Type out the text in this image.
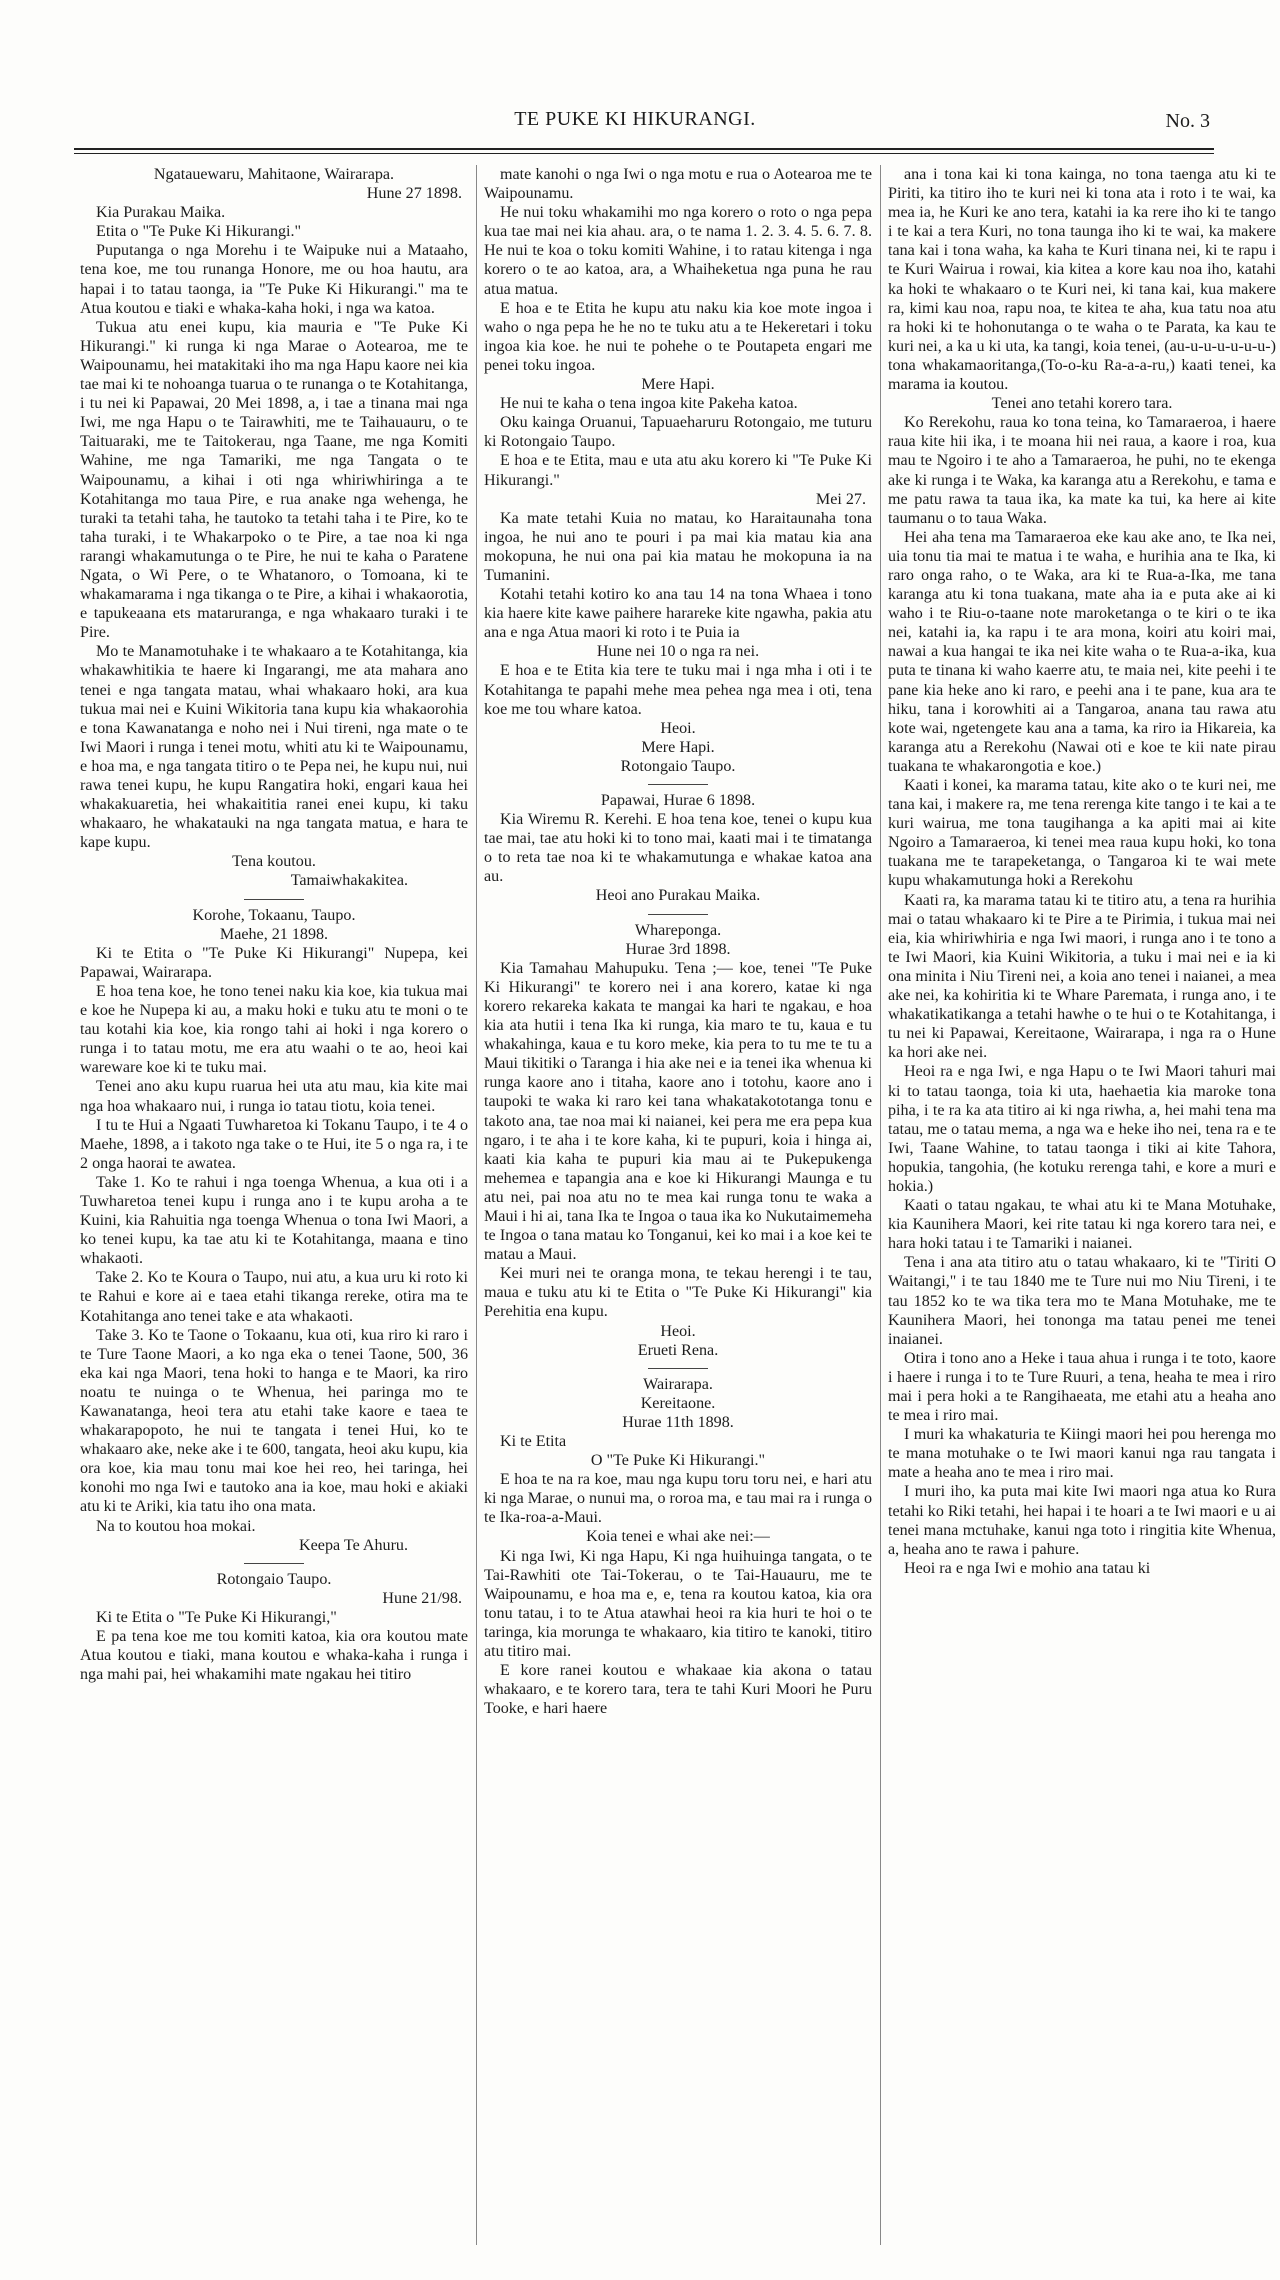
TE PUKE KI HIKURANGI.	No. 3

Ngatauewaru, Mahitaone, Wairarapa.

Hune 27 1898.

Kia Purakau Maika.

Etita o "Te Puke Ki Hikurangi."

Puputanga o nga Morehu i te Waipuke nui a Mataaho, tena koe, me tou runanga Honore, me ou hoa hautu, ara hapai i to tatau taonga, ia "Te Puke Ki Hikurangi." ma te Atua koutou e tiaki e whaka-kaha hoki, i nga wa katoa.

Tukua atu enei kupu, kia mauria e "Te Puke Ki Hikurangi." ki runga ki nga Marae o Aotearoa, me te Waipounamu, hei matakitaki iho ma nga Hapu kaore nei kia tae mai ki te nohoanga tuarua o te runanga o te Kotahitanga, i tu nei ki Papawai, 20 Mei 1898, a, i tae a tinana mai nga Iwi, me nga Hapu o te Tairawhiti, me te Taihauauru, o te Taituaraki, me te Taitokerau, nga Taane, me nga Komiti Wahine, me nga Tamariki, me nga Tangata o te Waipounamu, a kihai i oti nga whiriwhiringa a te Kotahitanga mo taua Pire, e rua anake nga wehenga, he turaki ta tetahi taha, he tautoko ta tetahi taha i te Pire, ko te taha turaki, i te Whakarpoko o te Pire, a tae noa ki nga rarangi whakamutunga o te Pire, he nui te kaha o Paratene Ngata, o Wi Pere, o te Whatanoro, o Tomoana, ki te whakamarama i nga tikanga o te Pire, a kihai i whakaorotia, e tapukeaana ets mataruranga, e nga whakaaro turaki i te Pire.

Mo te Manamotuhake i te whakaaro a te Kotahitanga, kia whakawhitikia te haere ki Ingarangi, me ata mahara ano tenei e nga tangata matau, whai whakaaro hoki, ara kua tukua mai nei e Kuini Wikitoria tana kupu kia whakaorohia e tona Kawanatanga e noho nei i Nui tireni, nga mate o te Iwi Maori i runga i tenei motu, whiti atu ki te Waipounamu, e hoa ma, e nga tangata titiro o te Pepa nei, he kupu nui, nui rawa tenei kupu, he kupu Rangatira hoki, engari kaua hei whakakuaretia, hei whakaititia ranei enei kupu, ki taku whakaaro, he whakatauki na nga tangata matua, e hara te kape kupu.

Tena koutou.

Tamaiwhakakitea.

Korohe, Tokaanu, Taupo.

Maehe, 21 1898.

Ki te Etita o "Te Puke Ki Hikurangi" Nupepa, kei Papawai, Wairarapa.

E hoa tena koe, he tono tenei naku kia koe, kia tukua mai e koe he Nupepa ki au, a maku hoki e tuku atu te moni o te tau kotahi kia koe, kia rongo tahi ai hoki i nga korero o runga i to tatau motu, me era atu waahi o te ao, heoi kai wareware koe ki te tuku mai.

Tenei ano aku kupu ruarua hei uta atu mau, kia kite mai nga hoa whakaaro nui, i runga io tatau tiotu, koia tenei.

I tu te Hui a Ngaati Tuwharetoa ki Tokanu Taupo, i te 4 o Maehe, 1898, a i takoto nga take o te Hui, ite 5 o nga ra, i te 2 onga haorai te awatea.

Take 1. Ko te rahui i nga toenga Whenua, a kua oti i a Tuwharetoa tenei kupu i runga ano i te kupu aroha a te Kuini, kia Rahuitia nga toenga Whenua o tona Iwi Maori, a ko tenei kupu, ka tae atu ki te Kotahitanga, maana e tino whakaoti.

Take 2. Ko te Koura o Taupo, nui atu, a kua uru ki roto ki te Rahui e kore ai e taea etahi tikanga rereke, otira ma te Kotahitanga ano tenei take e ata whakaoti.

Take 3. Ko te Taone o Tokaanu, kua oti, kua riro ki raro i te Ture Taone Maori, a ko nga eka o tenei Taone, 500, 36 eka kai nga Maori, tena hoki to hanga e te Maori, ka riro noatu te nuinga o te Whenua, hei paringa mo te Kawanatanga, heoi tera atu etahi take kaore e taea te whakarapopoto, he nui te tangata i tenei Hui, ko te whakaaro ake, neke ake i te 600, tangata, heoi aku kupu, kia ora koe, kia mau tonu mai koe hei reo, hei taringa, hei konohi mo nga Iwi e tautoko ana ia koe, mau hoki e akiaki atu ki te Ariki, kia tatu iho ona mata.

Na to koutou hoa mokai.

Keepa Te Ahuru.

Rotongaio Taupo.

Hune 21/98.

Ki te Etita o "Te Puke Ki Hikurangi,"

E pa tena koe me tou komiti katoa, kia ora koutou mate Atua koutou e tiaki, mana koutou e whaka-kaha i runga i nga mahi pai, hei whakamihi mate ngakau hei titiro

mate kanohi o nga Iwi o nga motu e rua o Aotearoa me te Waipounamu.

He nui toku whakamihi mo nga korero o roto o nga pepa kua tae mai nei kia ahau. ara, o te nama 1. 2. 3. 4. 5. 6. 7. 8. He nui te koa o toku komiti Wahine, i to ratau kitenga i nga korero o te ao katoa, ara, a Whaiheketua nga puna he rau atua matua.

E hoa e te Etita he kupu atu naku kia koe mote ingoa i waho o nga pepa he he no te tuku atu a te Hekeretari i toku ingoa kia koe. he nui te pohehe o te Poutapeta engari me penei toku ingoa.

Mere Hapi.

He nui te kaha o tena ingoa kite Pakeha katoa.

Oku kainga Oruanui, Tapuaeharuru Rotongaio, me tuturu ki Rotongaio Taupo.

E hoa e te Etita, mau e uta atu aku korero ki "Te Puke Ki Hikurangi."

Mei 27.

Ka mate tetahi Kuia no matau, ko Haraitaunaha tona ingoa, he nui ano te pouri i pa mai kia matau kia ana mokopuna, he nui ona pai kia matau he mokopuna ia na Tumanini.

Kotahi tetahi kotiro ko ana tau 14 na tona Whaea i tono kia haere kite kawe paihere harareke kite ngawha, pakia atu ana e nga Atua maori ki roto i te Puia ia

Hune nei 10 o nga ra nei.

E hoa e te Etita kia tere te tuku mai i nga mha i oti i te Kotahitanga te papahi mehe mea pehea nga mea i oti, tena koe me tou whare katoa.

Heoi.

Mere Hapi.

Rotongaio Taupo.

Papawai, Hurae 6 1898.

Kia Wiremu R. Kerehi. E hoa tena koe, tenei o kupu kua tae mai, tae atu hoki ki to tono mai, kaati mai i te timatanga o to reta tae noa ki te whakamutunga e whakae katoa ana au.

Heoi ano Purakau Maika.

Whareponga.

Hurae 3rd 1898.

Kia Tamahau Mahupuku. Tena ;— koe, tenei "Te Puke Ki Hikurangi" te korero nei i ana korero, katae ki nga korero rekareka kakata te mangai ka hari te ngakau, e hoa kia ata hutii i tena Ika ki runga, kia maro te tu, kaua e tu whakahinga, kaua e tu koro meke, kia pera to tu me te tu a Maui tikitiki o Taranga i hia ake nei e ia tenei ika whenua ki runga kaore ano i titaha, kaore ano i totohu, kaore ano i taupoki te waka ki raro kei tana whakatakototanga tonu e takoto ana, tae noa mai ki naianei, kei pera me era pepa kua ngaro, i te aha i te kore kaha, ki te pupuri, koia i hinga ai, kaati kia kaha te pupuri kia mau ai te Pukepukenga mehemea e tapangia ana e koe ki Hikurangi Maunga e tu atu nei, pai noa atu no te mea kai runga tonu te waka a Maui i hi ai, tana Ika te Ingoa o taua ika ko Nukutaimemeha te Ingoa o tana matau ko Tonganui, kei ko mai i a koe kei te matau a Maui.

Kei muri nei te oranga mona, te tekau herengi i te tau, maua e tuku atu ki te Etita o "Te Puke Ki Hikurangi" kia Perehitia ena kupu.

Heoi.

Erueti Rena.

Wairarapa.

Kereitaone.

Hurae 11th 1898.

Ki te Etita

O "Te Puke Ki Hikurangi."

E hoa te na ra koe, mau nga kupu toru toru nei, e hari atu ki nga Marae, o nunui ma, o roroa ma, e tau mai ra i runga o te Ika-roa-a-Maui.

Koia tenei e whai ake nei:—

Ki nga Iwi, Ki nga Hapu, Ki nga huihuinga tangata, o te Tai-Rawhiti ote Tai-Tokerau, o te Tai-Hauauru, me te Waipounamu, e hoa ma e, e, tena ra koutou katoa, kia ora tonu tatau, i to te Atua atawhai heoi ra kia huri te hoi o te taringa, kia morunga te whakaaro, kia titiro te kanoki, titiro atu titiro mai.

E kore ranei koutou e whakaae kia akona o tatau whakaaro, e te korero tara, tera te tahi Kuri Moori he Puru Tooke, e hari haere

ana i tona kai ki tona kainga, no tona taenga atu ki te Piriti, ka titiro iho te kuri nei ki tona ata i roto i te wai, ka mea ia, he Kuri ke ano tera, katahi ia ka rere iho ki te tango i te kai a tera Kuri, no tona taunga iho ki te wai, ka makere tana kai i tona waha, ka kaha te Kuri tinana nei, ki te rapu i te Kuri Wairua i rowai, kia kitea a kore kau noa iho, katahi ka hoki te whakaaro o te Kuri nei, ki tana kai, kua makere ra, kimi kau noa, rapu noa, te kitea te aha, kua tatu noa atu ra hoki ki te hohonutanga o te waha o te Parata, ka kau te kuri nei, a ka u ki uta, ka tangi, koia tenei, (au-u-u-u-u-u-u-) tona whakamaoritanga,(To-o-ku Ra-a-a-ru,) kaati tenei, ka marama ia koutou.

Tenei ano tetahi korero tara.

Ko Rerekohu, raua ko tona teina, ko Tamaraeroa, i haere raua kite hii ika, i te moana hii nei raua, a kaore i roa, kua mau te Ngoiro i te aho a Tamaraeroa, he puhi, no te ekenga ake ki runga i te Waka, ka karanga atu a Rerekohu, e tama e me patu rawa ta taua ika, ka mate ka tui, ka here ai kite taumanu o to taua Waka.

Hei aha tena ma Tamaraeroa eke kau ake ano, te Ika nei, uia tonu tia mai te matua i te waha, e hurihia ana te Ika, ki raro onga raho, o te Waka, ara ki te Rua-a-Ika, me tana karanga atu ki tona tuakana, mate aha ia e puta ake ai ki waho i te Riu-o-taane note maroketanga o te kiri o te ika nei, katahi ia, ka rapu i te ara mona, koiri atu koiri mai, nawai a kua hangai te ika nei kite waha o te Rua-a-ika, kua puta te tinana ki waho kaerre atu, te maia nei, kite peehi i te pane kia heke ano ki raro, e peehi ana i te pane, kua ara te hiku, tana i korowhiti ai a Tangaroa, anana tau rawa atu kote wai, ngetengete kau ana a tama, ka riro ia Hikareia, ka karanga atu a Rerekohu (Nawai oti e koe te kii nate pirau tuakana te whakarongotia e koe.)

Kaati i konei, ka marama tatau, kite ako o te kuri nei, me tana kai, i makere ra, me tena rerenga kite tango i te kai a te kuri wairua, me tona taugihanga a ka apiti mai ai kite Ngoiro a Tamaraeroa, ki tenei mea raua kupu hoki, ko tona tuakana me te tarapeketanga, o Tangaroa ki te wai mete kupu whakamutunga hoki a Rerekohu

Kaati ra, ka marama tatau ki te titiro atu, a tena ra hurihia mai o tatau whakaaro ki te Pire a te Pirimia, i tukua mai nei eia, kia whiriwhiria e nga Iwi maori, i runga ano i te tono a te Iwi Maori, kia Kuini Wikitoria, a tuku i mai nei e ia ki ona minita i Niu Tireni nei, a koia ano tenei i naianei, a mea ake nei, ka kohiritia ki te Whare Paremata, i runga ano, i te whakatikatikanga a tetahi hawhe o te hui o te Kotahitanga, i tu nei ki Papawai, Kereitaone, Wairarapa, i nga ra o Hune ka hori ake nei.

Heoi ra e nga Iwi, e nga Hapu o te Iwi Maori tahuri mai ki to tatau taonga, toia ki uta, haehaetia kia maroke tona piha, i te ra ka ata titiro ai ki nga riwha, a, hei mahi tena ma tatau, me o tatau mema, a nga wa e heke iho nei, tena ra e te Iwi, Taane Wahine, to tatau taonga i tiki ai kite Tahora, hopukia, tangohia, (he kotuku rerenga tahi, e kore a muri e hokia.)

Kaati o tatau ngakau, te whai atu ki te Mana Motuhake, kia Kaunihera Maori, kei rite tatau ki nga korero tara nei, e hara hoki tatau i te Tamariki i naianei.

Tena i ana ata titiro atu o tatau whakaaro, ki te "Tiriti O Waitangi," i te tau 1840 me te Ture nui mo Niu Tireni, i te tau 1852 ko te wa tika tera mo te Mana Motuhake, me te Kaunihera Maori, hei tononga ma tatau penei me tenei inaianei.

Otira i tono ano a Heke i taua ahua i runga i te toto, kaore i haere i runga i to te Ture Ruuri, a tena, heaha te mea i riro mai i pera hoki a te Rangihaeata, me etahi atu a heaha ano te mea i riro mai.

I muri ka whakaturia te Kiingi maori hei pou herenga mo te mana motuhake o te Iwi maori kanui nga rau tangata i mate a heaha ano te mea i riro mai.

I muri iho, ka puta mai kite Iwi maori nga atua ko Rura tetahi ko Riki tetahi, hei hapai i te hoari a te Iwi maori e u ai tenei mana mctuhake, kanui nga toto i ringitia kite Whenua, a, heaha ano te rawa i pahure.

Heoi ra e nga Iwi e mohio ana tatau ki
